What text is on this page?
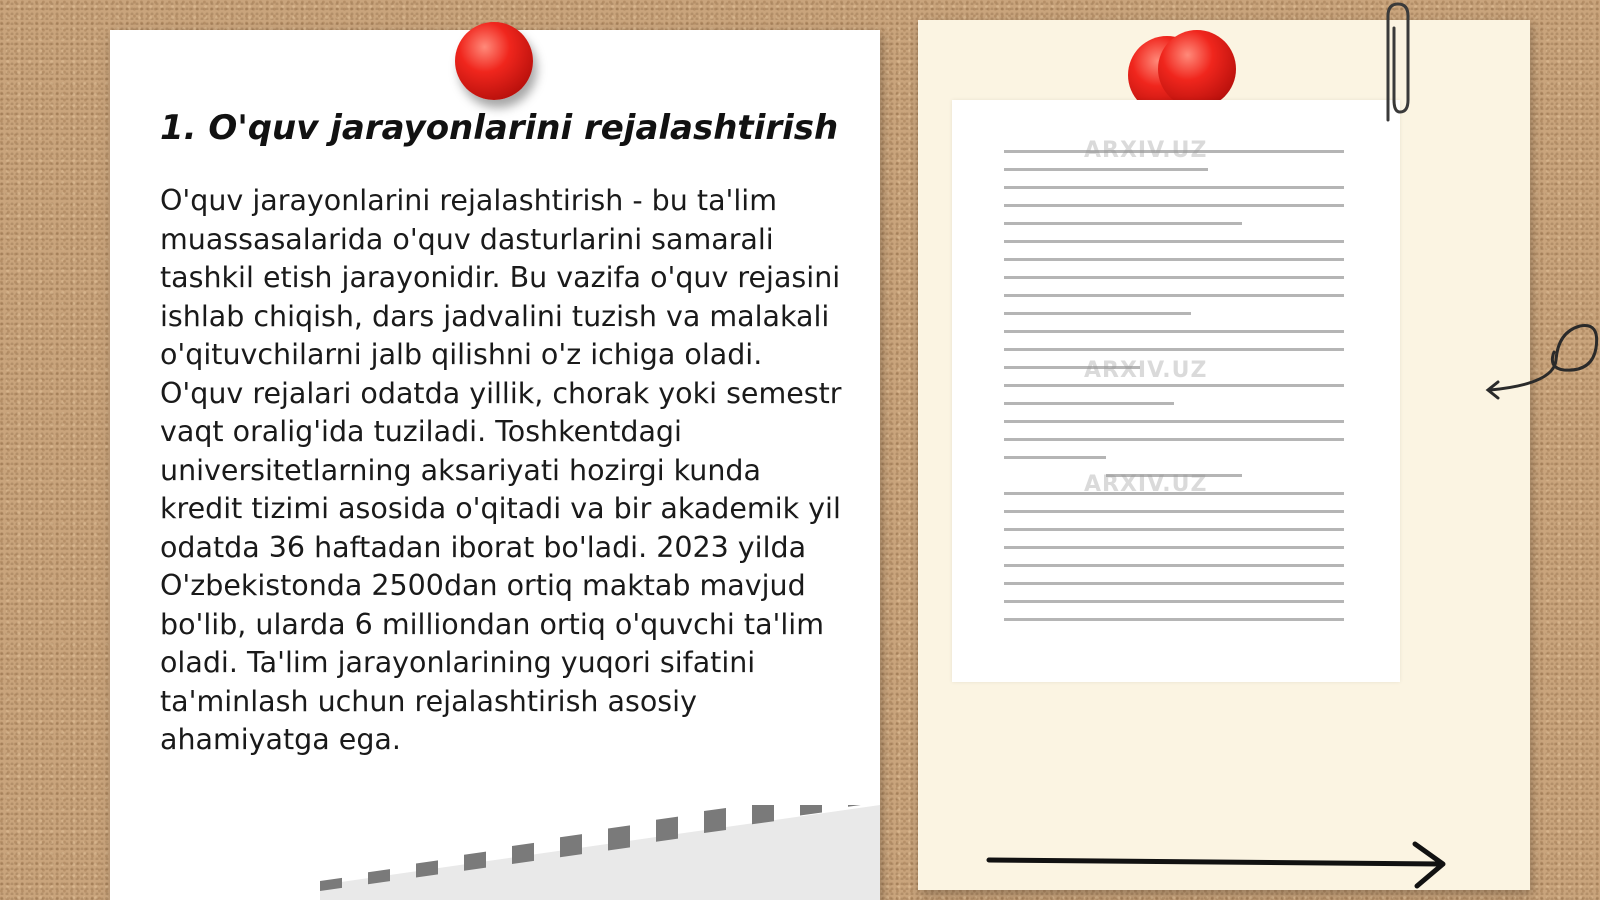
1. O'quv jarayonlarini rejalashtirish

O'quv jarayonlarini rejalashtirish - bu ta'lim muassasalarida o'quv dasturlarini samarali tashkil etish jarayonidir. Bu vazifa o'quv rejasini ishlab chiqish, dars jadvalini tuzish va malakali o'qituvchilarni jalb qilishni o'z ichiga oladi. O'quv rejalari odatda yillik, chorak yoki semestr vaqt oralig'ida tuziladi. Toshkentdagi universitetlarning aksariyati hozirgi kunda kredit tizimi asosida o'qitadi va bir akademik yil odatda 36 haftadan iborat bo'ladi. 2023 yilda O'zbekistonda 2500dan ortiq maktab mavjud bo'lib, ularda 6 milliondan ortiq o'quvchi ta'lim oladi. Ta'lim jarayonlarining yuqori sifatini ta'minlash uchun rejalashtirish asosiy ahamiyatga ega.

ARXIV.UZ
ARXIV.UZ
ARXIV.UZ
